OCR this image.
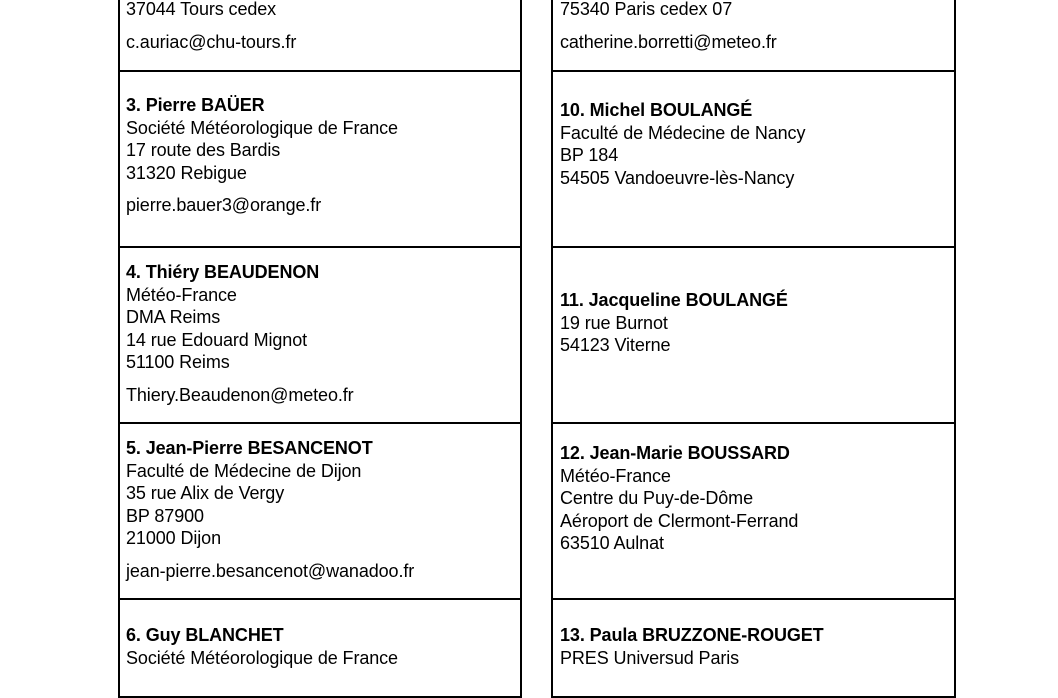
37044 Tours cedex
c.auriac@chu-tours.fr
3. Pierre BAÜER
Société Météorologique de France
17 route des Bardis
31320 Rebigue
pierre.bauer3@orange.fr
4. Thiéry BEAUDENON
Météo-France
DMA Reims
14 rue Edouard Mignot
51100 Reims
Thiery.Beaudenon@meteo.fr
5. Jean-Pierre BESANCENOT
Faculté de Médecine de Dijon
35 rue Alix de Vergy
BP 87900
21000 Dijon
jean-pierre.besancenot@wanadoo.fr
6. Guy BLANCHET
Société Météorologique de France
75340 Paris cedex 07
catherine.borretti@meteo.fr
10. Michel BOULANGÉ
Faculté de Médecine de Nancy
BP 184
54505 Vandoeuvre-lès-Nancy
11. Jacqueline BOULANGÉ
19 rue Burnot
54123 Viterne
12. Jean-Marie BOUSSARD
Météo-France
Centre du Puy-de-Dôme
Aéroport de Clermont-Ferrand
63510 Aulnat
13. Paula BRUZZONE-ROUGET
PRES Universud Paris
